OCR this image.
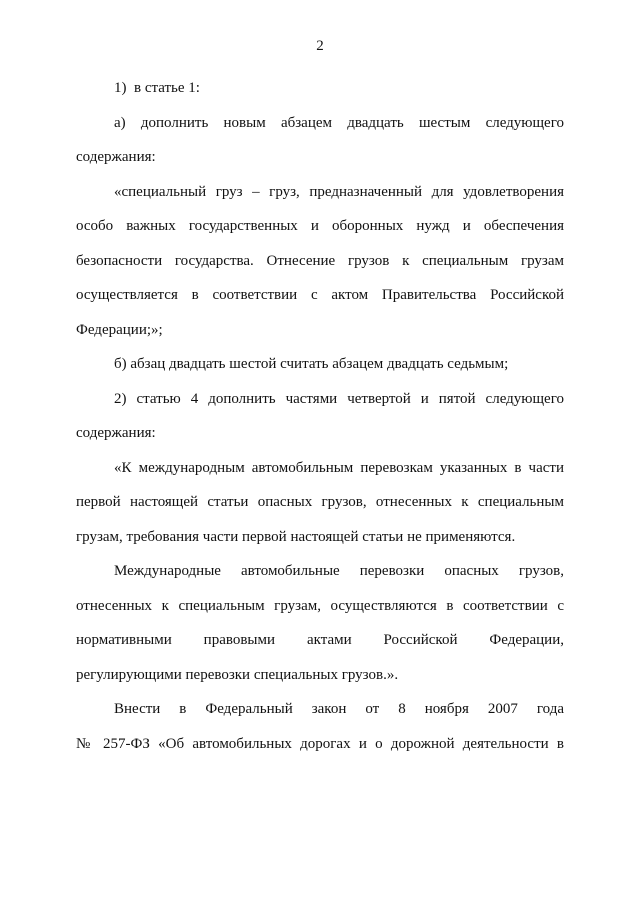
2
1)  в статье 1:
а) дополнить новым абзацем двадцать шестым следующего
содержания:
«специальный груз – груз, предназначенный для удовлетворения
особо важных государственных и оборонных нужд и обеспечения
безопасности государства. Отнесение грузов к специальным грузам
осуществляется в соответствии с актом Правительства Российской
Федерации;»;
б) абзац двадцать шестой считать абзацем двадцать седьмым;
2) статью 4 дополнить частями четвертой и пятой следующего
содержания:
«К международным автомобильным перевозкам указанных в части
первой настоящей статьи опасных грузов, отнесенных к специальным
грузам, требования части первой настоящей статьи не применяются.
Международные автомобильные перевозки опасных грузов,
отнесенных к специальным грузам, осуществляются в соответствии с
нормативными правовыми актами Российской Федерации,
регулирующими перевозки специальных грузов.».
Внести в Федеральный закон от 8 ноября 2007 года
№ 257-ФЗ «Об автомобильных дорогах и о дорожной деятельности в
